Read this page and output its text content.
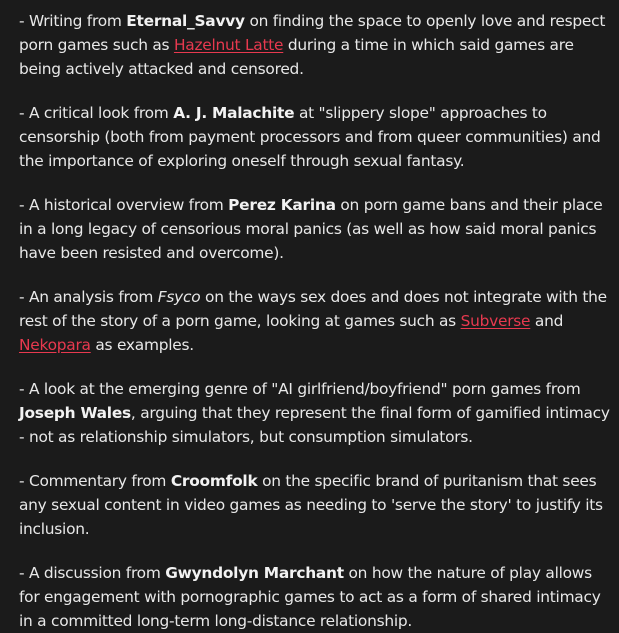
- Writing from Eternal_Savvy on finding the space to openly love and respect porn games such as Hazelnut Latte during a time in which said games are being actively attacked and censored.

- A critical look from A. J. Malachite at "slippery slope" approaches to censorship (both from payment processors and from queer communities) and the importance of exploring oneself through sexual fantasy.

- A historical overview from Perez Karina on porn game bans and their place in a long legacy of censorious moral panics (as well as how said moral panics have been resisted and overcome).

- An analysis from Fsyco on the ways sex does and does not integrate with the rest of the story of a porn game, looking at games such as Subverse and Nekopara as examples.

- A look at the emerging genre of "AI girlfriend/boyfriend" porn games from Joseph Wales, arguing that they represent the final form of gamified intimacy - not as relationship simulators, but consumption simulators.

- Commentary from Croomfolk on the specific brand of puritanism that sees any sexual content in video games as needing to 'serve the story' to justify its inclusion.

- A discussion from Gwyndolyn Marchant on how the nature of play allows for engagement with pornographic games to act as a form of shared intimacy in a committed long-term long-distance relationship.
